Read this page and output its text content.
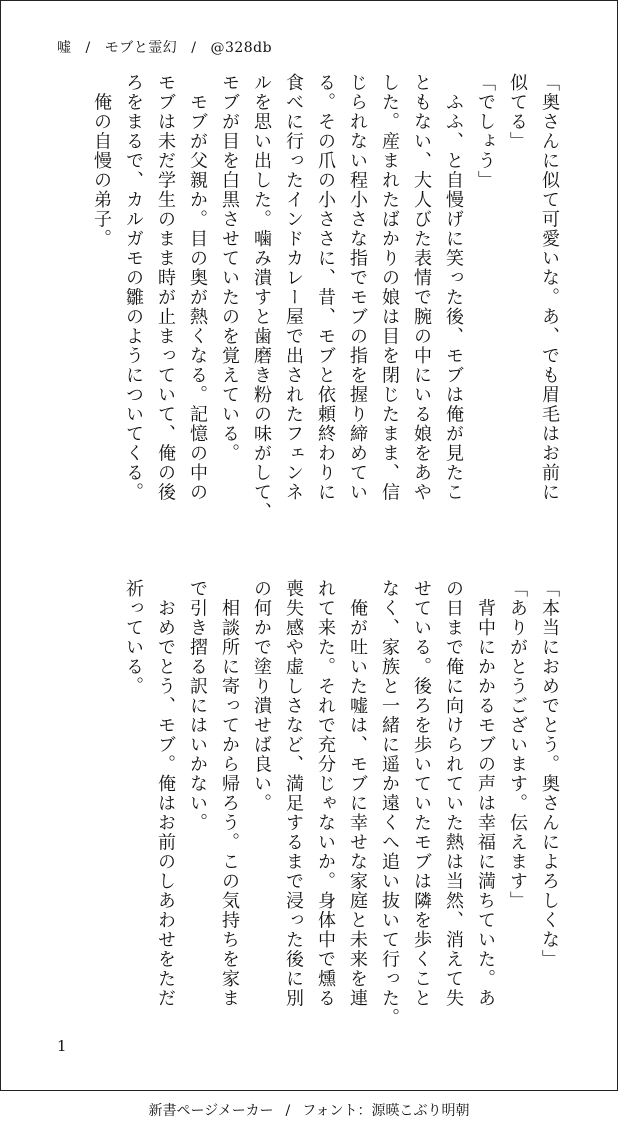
嘘 / モブと霊幻 / @328db

「奥さんに似て可愛いな。あ、でも眉毛はお前に

似てる」

「でしょう」

　ふふ、と自慢げに笑った後、モブは俺が見たこ

ともない、大人びた表情で腕の中にいる娘をあや

した。産まれたばかりの娘は目を閉じたまま、信

じられない程小さな指でモブの指を握り締めてい

る。その爪の小ささに、昔、モブと依頼終わりに

食べに行ったインドカレー屋で出されたフェンネ

ルを思い出した。噛み潰すと歯磨き粉の味がして、

モブが目を白黒させていたのを覚えている。

　モブが父親か。目の奥が熱くなる。記憶の中の

モブは未だ学生のまま時が止まっていて、俺の後

ろをまるで、カルガモの雛のようについてくる。

　俺の自慢の弟子。

「本当におめでとう。奥さんによろしくな」

「ありがとうございます。伝えます」

　背中にかかるモブの声は幸福に満ちていた。あ

の日まで俺に向けられていた熱は当然、消えて失

せている。後ろを歩いていたモブは隣を歩くこと

なく、家族と一緒に遥か遠くへ追い抜いて行った。

　俺が吐いた嘘は、モブに幸せな家庭と未来を連

れて来た。それで充分じゃないか。身体中で燻る

喪失感や虚しさなど、満足するまで浸った後に別

の何かで塗り潰せば良い。

　相談所に寄ってから帰ろう。この気持ちを家ま

で引き摺る訳にはいかない。

　おめでとう、モブ。俺はお前のしあわせをただ

祈っている。

1
新書ページメーカー / フォント：源暎こぶり明朝
